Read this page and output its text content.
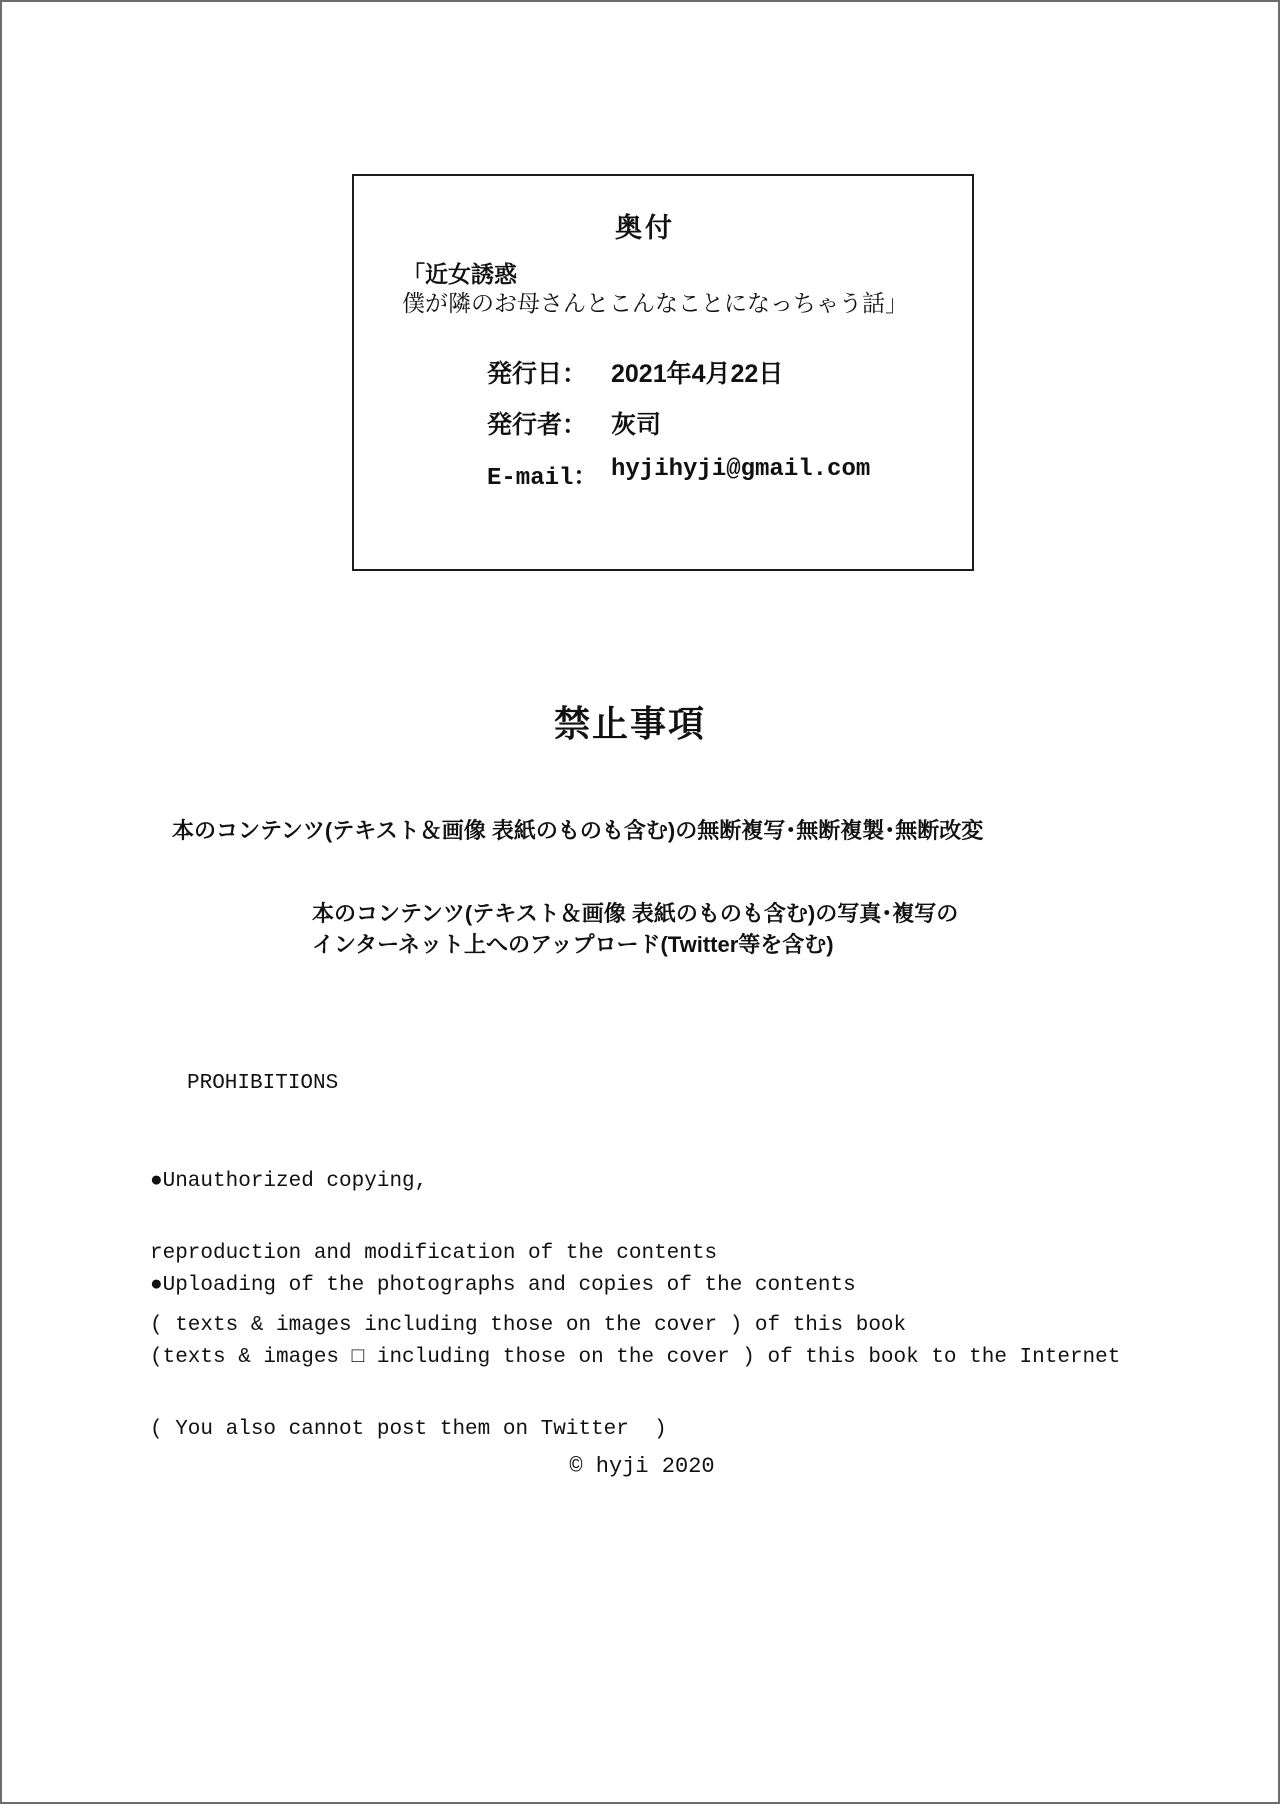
奥付
「近女誘惑
僕が隣のお母さんとこんなことになっちゃう話」
発行日： 2021年4月22日
発行者： 灰司
E-mail： hyjihyji@gmail.com
禁止事項
本のコンテンツ(テキスト＆画像 表紙のものも含む)の無断複写･無断複製･無断改変
本のコンテンツ(テキスト＆画像 表紙のものも含む)の写真･複写の
インターネット上へのアップロード(Twitter等を含む)
PROHIBITIONS

●Unauthorized copying,

reproduction and modification of the contents

( texts & images including those on the cover ) of this book

●Uploading of the photographs and copies of the contents

(texts & images □ including those on the cover ) of this book to the Internet

( You also cannot post them on Twitter  )

© hyji 2020
